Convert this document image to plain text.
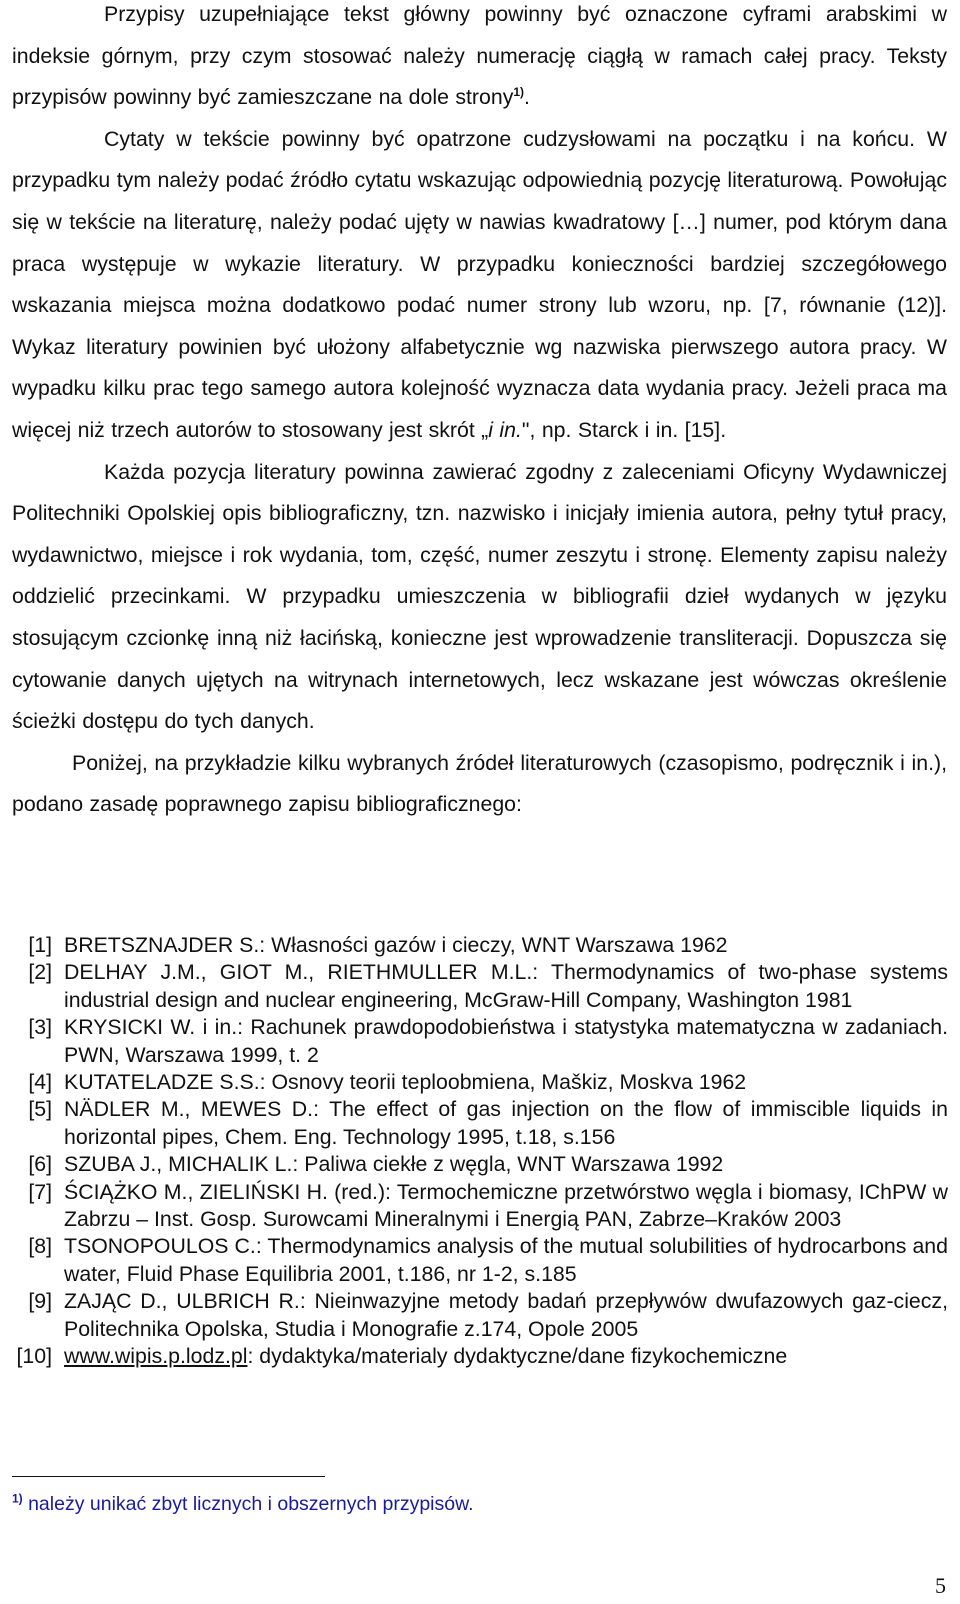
Przypisy uzupełniające tekst główny powinny być oznaczone cyframi arabskimi w indeksie górnym, przy czym stosować należy numerację ciągłą w ramach całej pracy. Teksty przypisów powinny być zamieszczane na dole strony$^{1)}$.

Cytaty w tekście powinny być opatrzone cudzysłowami na początku i na końcu. W przypadku tym należy podać źródło cytatu wskazując odpowiednią pozycję literaturową. Powołując się w tekście na literaturę, należy podać ujęty w nawias kwadratowy […] numer, pod którym dana praca występuje w wykazie literatury. W przypadku konieczności bardziej szczegółowego wskazania miejsca można dodatkowo podać numer strony lub wzoru, np. [7, równanie (12)]. Wykaz literatury powinien być ułożony alfabetycznie wg nazwiska pierwszego autora pracy. W wypadku kilku prac tego samego autora kolejność wyznacza data wydania pracy. Jeżeli praca ma więcej niż trzech autorów to stosowany jest skrót „i in.", np. Starck i in. [15].

Każda pozycja literatury powinna zawierać zgodny z zaleceniami Oficyny Wydawniczej Politechniki Opolskiej opis bibliograficzny, tzn. nazwisko i inicjały imienia autora, pełny tytuł pracy, wydawnictwo, miejsce i rok wydania, tom, część, numer zeszytu i stronę. Elementy zapisu należy oddzielić przecinkami. W przypadku umieszczenia w bibliografii dzieł wydanych w języku stosującym czcionkę inną niż łacińską, konieczne jest wprowadzenie transliteracji. Dopuszcza się cytowanie danych ujętych na witrynach internetowych, lecz wskazane jest wówczas określenie ścieżki dostępu do tych danych.

Poniżej, na przykładzie kilku wybranych źródeł literaturowych (czasopismo, podręcznik i in.), podano zasadę poprawnego zapisu bibliograficznego:

[1] BRETSZNAJDER S.: Własności gazów i cieczy, WNT Warszawa 1962
[2] DELHAY J.M., GIOT M., RIETHMULLER M.L.: Thermodynamics of two-phase systems industrial design and nuclear engineering, McGraw-Hill Company, Washington 1981
[3] KRYSICKI W. i in.: Rachunek prawdopodobieństwa i statystyka matematyczna w zadaniach. PWN, Warszawa 1999, t. 2
[4] KUTATELADZE S.S.: Osnovy teorii teploobmiena, Maškiz, Moskva 1962
[5] NÄDLER M., MEWES D.: The effect of gas injection on the flow of immiscible liquids in horizontal pipes, Chem. Eng. Technology 1995, t.18, s.156
[6] SZUBA J., MICHALIK L.: Paliwa ciekłe z węgla, WNT Warszawa 1992
[7] ŚCIĄŻKO M., ZIELIŃSKI H. (red.): Termochemiczne przetwórstwo węgla i biomasy, IChPW w Zabrzu – Inst. Gosp. Surowcami Mineralnymi i Energią PAN, Zabrze–Kraków 2003
[8] TSONOPOULOS C.: Thermodynamics analysis of the mutual solubilities of hydrocarbons and water, Fluid Phase Equilibria 2001, t.186, nr 1-2, s.185
[9] ZAJĄC D., ULBRICH R.: Nieinwazyjne metody badań przepływów dwufazowych gaz-ciecz, Politechnika Opolska, Studia i Monografie z.174, Opole 2005
[10] www.wipis.p.lodz.pl: dydaktyka/materialy dydaktyczne/dane fizykochemiczne
$^{1)}$ należy unikać zbyt licznych i obszernych przypisów.
5
